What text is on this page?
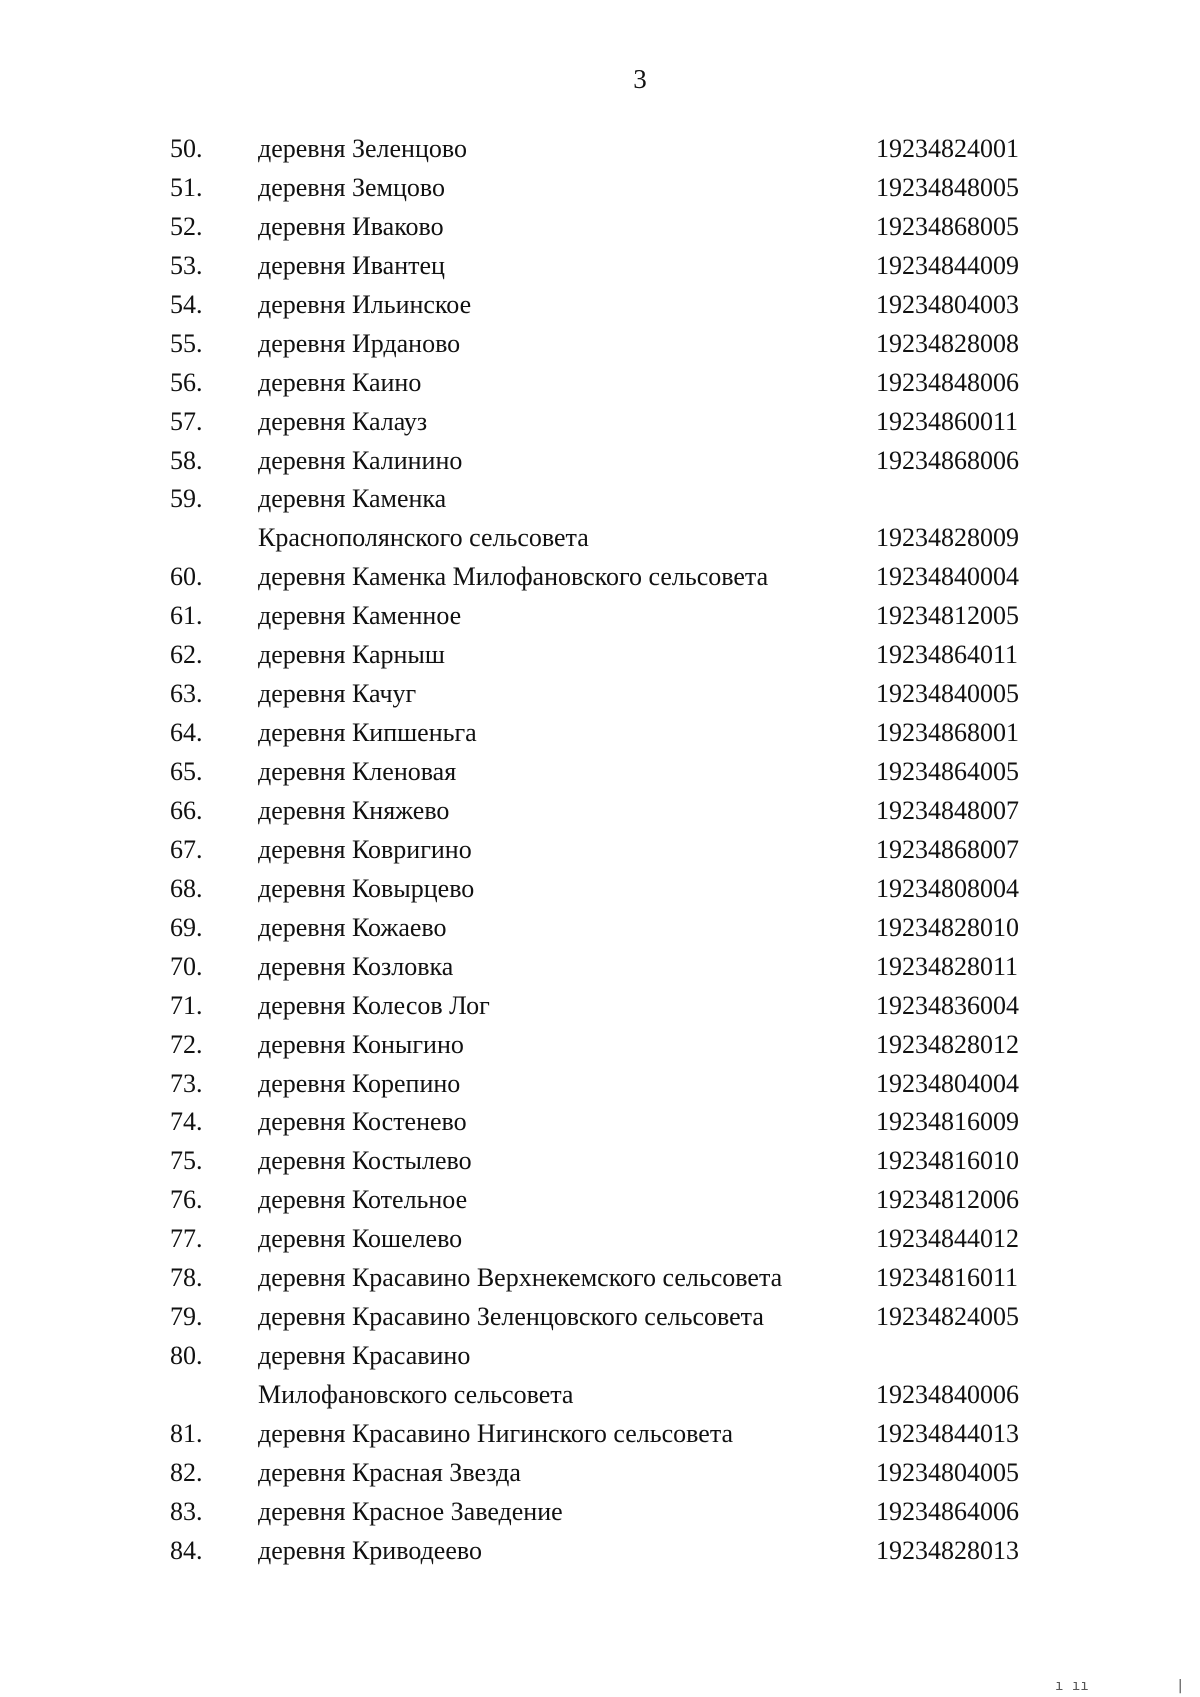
3
50. деревня Зеленцово	19234824001
51. деревня Земцово	19234848005
52. деревня Иваково	19234868005
53. деревня Ивантец	19234844009
54. деревня Ильинское	19234804003
55. деревня Ирданово	19234828008
56. деревня Каино	19234848006
57. деревня Калауз	19234860011
58. деревня Калинино	19234868006
59. деревня Каменка
Краснополянского сельсовета	19234828009
60. деревня Каменка Милофановского сельсовета	19234840004
61. деревня Каменное	19234812005
62. деревня Карныш	19234864011
63. деревня Качуг	19234840005
64. деревня Кипшеньга	19234868001
65. деревня Кленовая	19234864005
66. деревня Княжево	19234848007
67. деревня Ковригино	19234868007
68. деревня Ковырцево	19234808004
69. деревня Кожаево	19234828010
70. деревня Козловка	19234828011
71. деревня Колесов Лог	19234836004
72. деревня Коныгино	19234828012
73. деревня Корепино	19234804004
74. деревня Костенево	19234816009
75. деревня Костылево	19234816010
76. деревня Котельное	19234812006
77. деревня Кошелево	19234844012
78. деревня Красавино Верхнекемского сельсовета	19234816011
79. деревня Красавино Зеленцовского сельсовета	19234824005
80. деревня Красавино
Милофановского сельсовета	19234840006
81. деревня Красавино Нигинского сельсовета	19234844013
82. деревня Красная Звезда	19234804005
83. деревня Красное Заведение	19234864006
84. деревня Криводеево	19234828013
ı ıı	|
